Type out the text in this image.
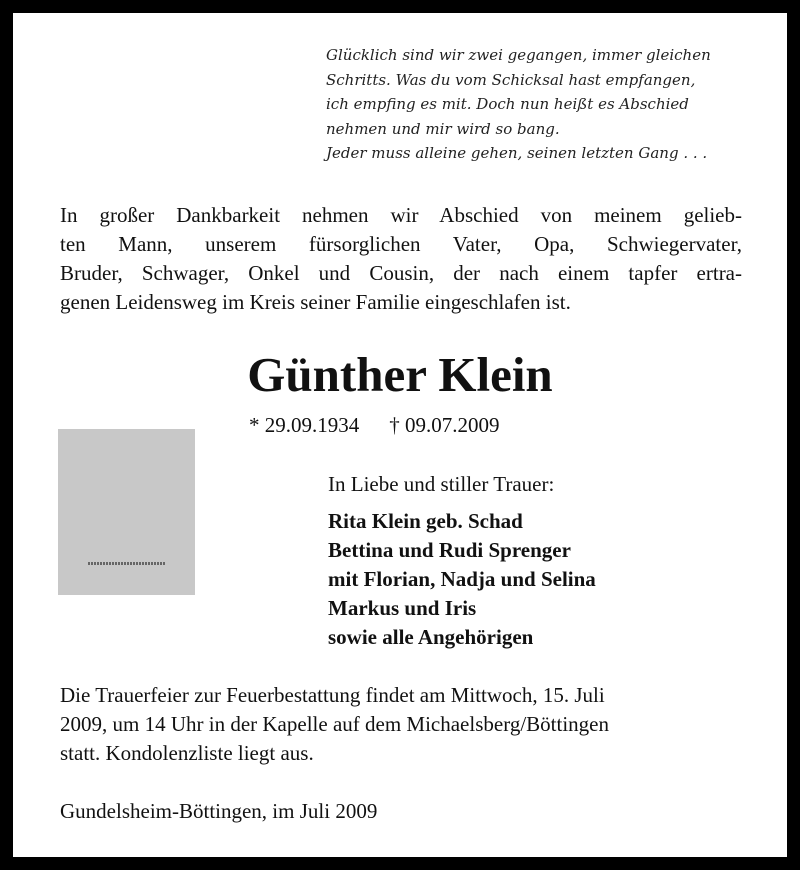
Glücklich sind wir zwei gegangen, immer gleichen
Schritts. Was du vom Schicksal hast empfangen,
ich empfing es mit. Doch nun heißt es Abschied
nehmen und mir wird so bang.
Jeder muss alleine gehen, seinen letzten Gang . . .
In großer Dankbarkeit nehmen wir Abschied von meinem gelieb-
ten Mann, unserem fürsorglichen Vater, Opa, Schwiegervater,
Bruder, Schwager, Onkel und Cousin, der nach einem tapfer ertra-
genen Leidensweg im Kreis seiner Familie eingeschlafen ist.
Günther Klein
* 29.09.1934 † 09.07.2009
In Liebe und stiller Trauer:
Rita Klein geb. Schad
Bettina und Rudi Sprenger
mit Florian, Nadja und Selina
Markus und Iris
sowie alle Angehörigen
Die Trauerfeier zur Feuerbestattung findet am Mittwoch, 15. Juli
2009, um 14 Uhr in der Kapelle auf dem Michaelsberg/Böttingen
statt. Kondolenzliste liegt aus.
Gundelsheim-Böttingen, im Juli 2009
